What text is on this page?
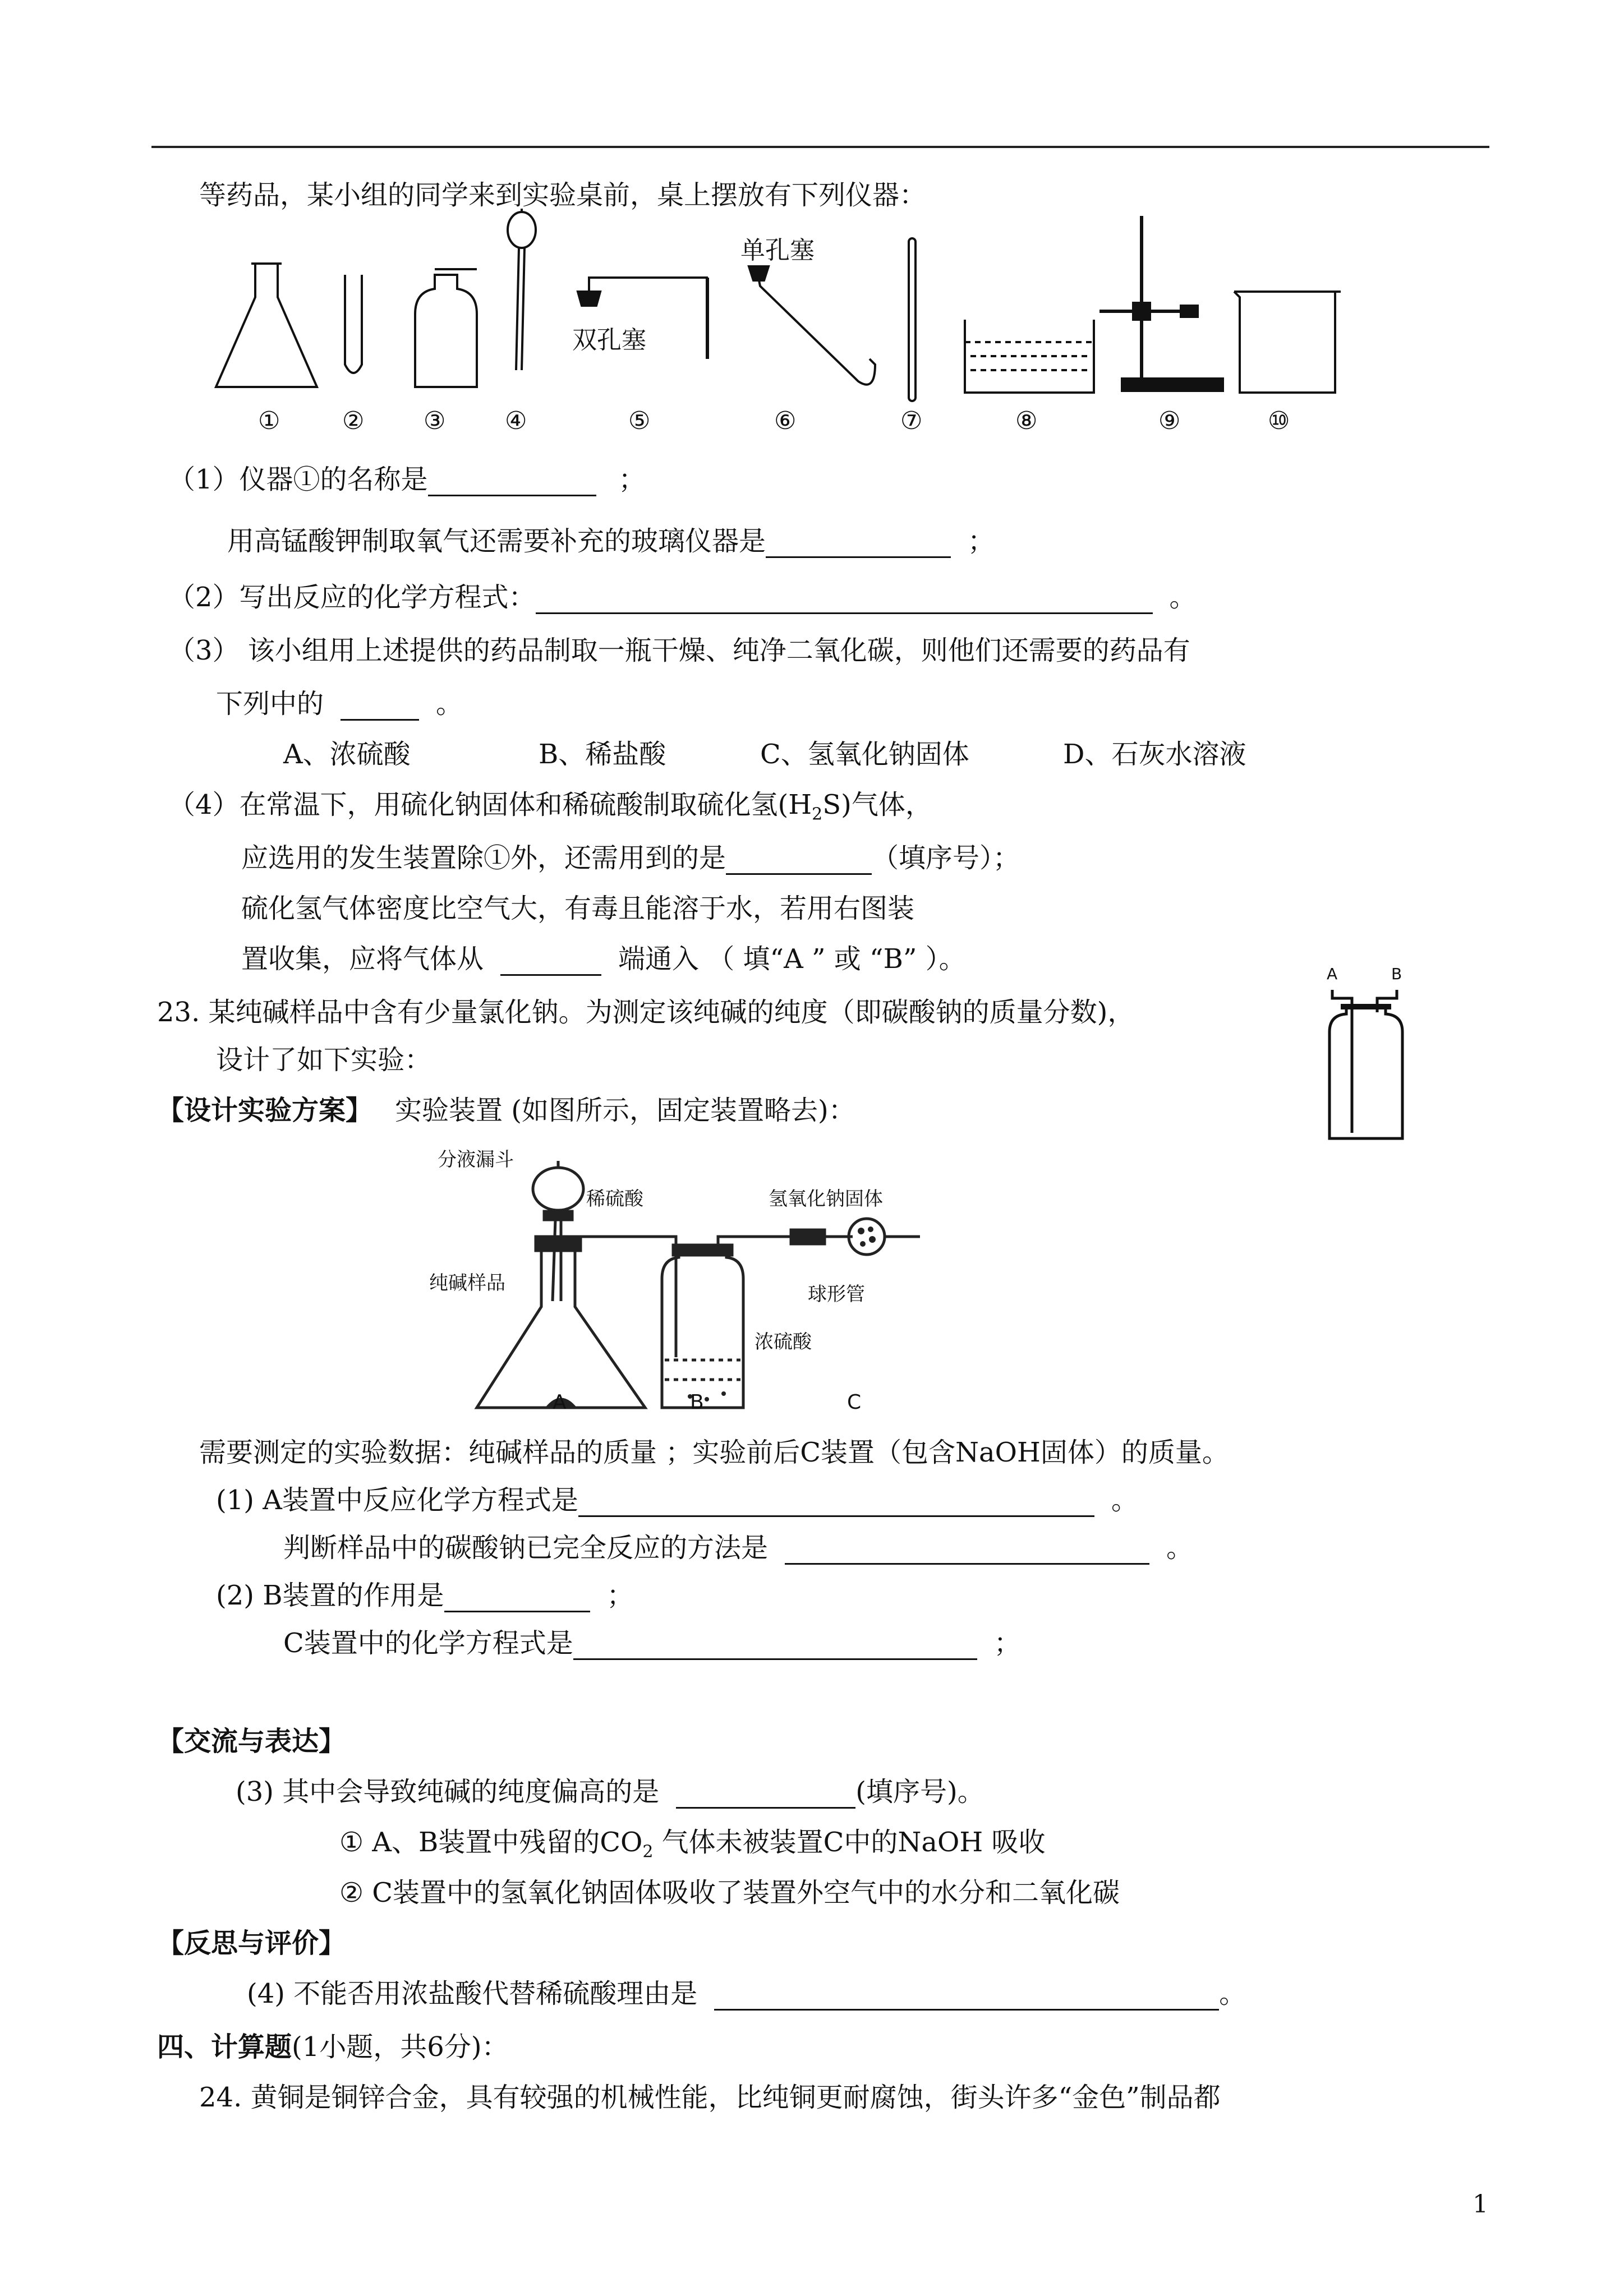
等药品，某小组的同学来到实验桌前，桌上摆放有下列仪器：
单孔塞
双孔塞
①	② ③ ④	⑤	⑥	⑦	⑧	⑨	⑩
（1）仪器①的名称是	；
用高锰酸钾制取氧气还需要补充的玻璃仪器是	；
（2）写出反应的化学方程式：	。
（3） 该小组用上述提供的药品制取一瓶干燥、纯净二氧化碳，则他们还需要的药品有
下列中的	。
A、浓硫酸	B、稀盐酸	C、氢氧化钠固体	D、石灰水溶液
（4）在常温下，用硫化钠固体和稀硫酸制取硫化氢$(H_2S)$气体，
应选用的发生装置除①外，还需用到的是	（填序号）；
硫化氢气体密度比空气大，有毒且能溶于水，若用右图装
置收集，应将气体从	端通入 （ 填“A ” 或 “B” ）。	A	B
23. 某纯碱样品中含有少量氯化钠。为测定该纯碱的纯度（即碳酸钠的质量分数)，
设计了如下实验：
【设计实验方案】 实验装置 (如图所示，固定装置略去)：
分液漏斗
稀硫酸
纯碱样品
氢氧化钠固体
球形管
浓硫酸
A	B	C
需要测定的实验数据：纯碱样品的质量 ；实验前后C装置（包含NaOH固体）的质量。
(1) A装置中反应化学方程式是	。
判断样品中的碳酸钠已完全反应的方法是	。
(2) B装置的作用是	；
C装置中的化学方程式是	；
【交流与表达】
(3) 其中会导致纯碱的纯度偏高的是	(填序号)。
① A、B装置中残留的$CO_2$ 气体未被装置C中的NaOH 吸收
② C装置中的氢氧化钠固体吸收了装置外空气中的水分和二氧化碳
【反思与评价】
(4) 不能否用浓盐酸代替稀硫酸理由是	。
四、计算题(1小题，共6分)：
24. 黄铜是铜锌合金，具有较强的机械性能，比纯铜更耐腐蚀，街头许多“金色”制品都
1
